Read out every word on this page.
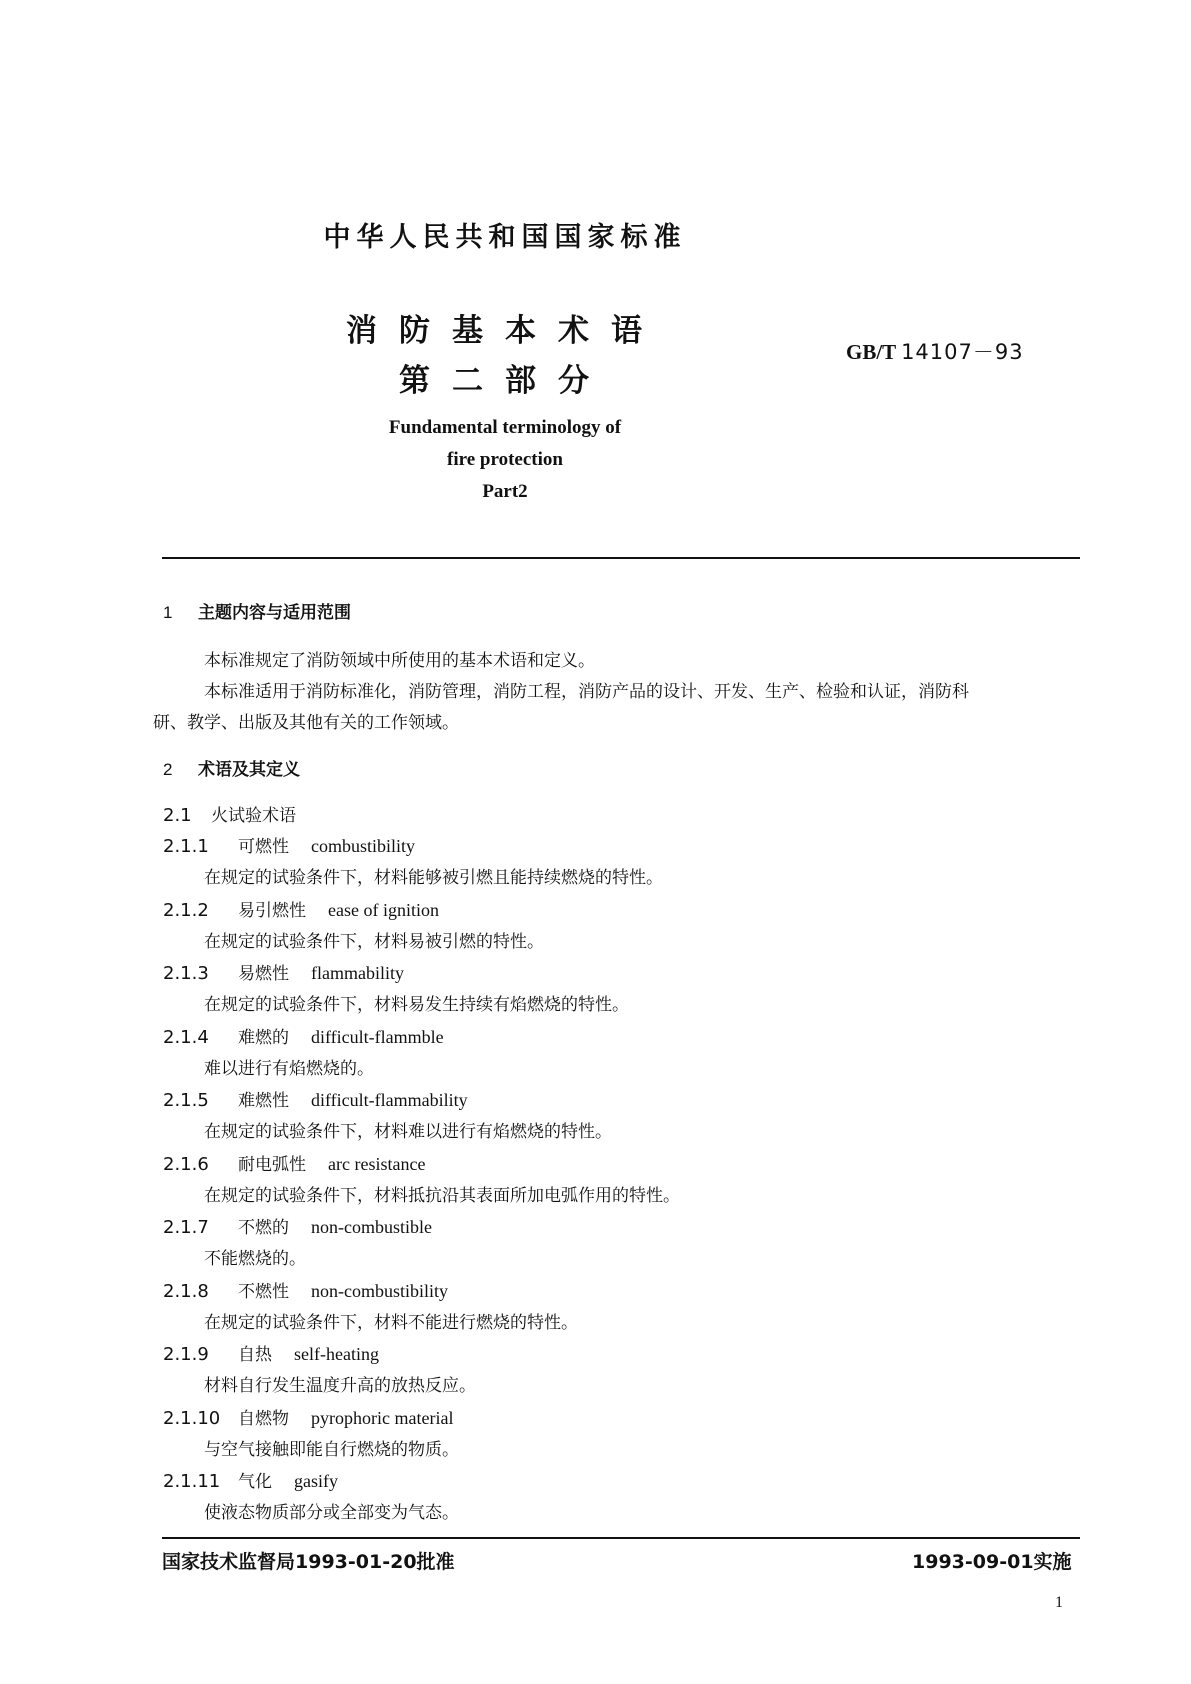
中华人民共和国国家标准
消防基本术语
第二部分
GB/T 14107－93
Fundamental terminology of
fire protection
Part2
1 主题内容与适用范围
本标准规定了消防领域中所使用的基本术语和定义。
本标准适用于消防标准化，消防管理，消防工程，消防产品的设计、开发、生产、检验和认证，消防科
研、教学、出版及其他有关的工作领域。
2 术语及其定义
2.1 火试验术语
2.1.1 可燃性 combustibility
在规定的试验条件下，材料能够被引燃且能持续燃烧的特性。
2.1.2 易引燃性 ease of ignition
在规定的试验条件下，材料易被引燃的特性。
2.1.3 易燃性 flammability
在规定的试验条件下，材料易发生持续有焰燃烧的特性。
2.1.4 难燃的 difficult-flammble
难以进行有焰燃烧的。
2.1.5 难燃性 difficult-flammability
在规定的试验条件下，材料难以进行有焰燃烧的特性。
2.1.6 耐电弧性 arc resistance
在规定的试验条件下，材料抵抗沿其表面所加电弧作用的特性。
2.1.7 不燃的 non-combustible
不能燃烧的。
2.1.8 不燃性 non-combustibility
在规定的试验条件下，材料不能进行燃烧的特性。
2.1.9 自热 self-heating
材料自行发生温度升高的放热反应。
2.1.10 自燃物 pyrophoric material
与空气接触即能自行燃烧的物质。
2.1.11 气化 gasify
使液态物质部分或全部变为气态。
国家技术监督局1993-01-20批准	1993-09-01实施
1
